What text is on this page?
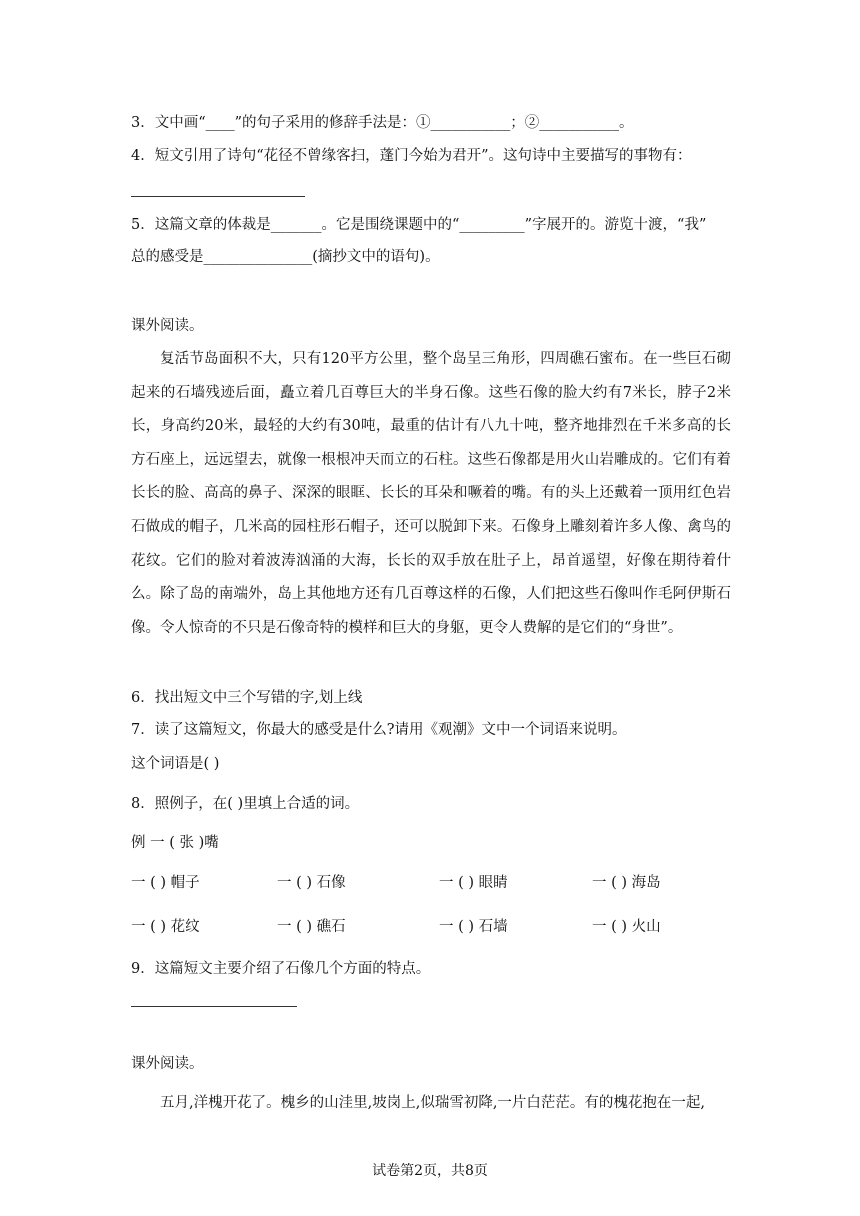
3．文中画“____”的句子采用的修辞手法是：①___________；②___________。
4．短文引用了诗句“花径不曾缘客扫，蓬门今始为君开”。这句诗中主要描写的事物有：
5．这篇文章的体裁是_______。它是围绕课题中的“_________”字展开的。游览十渡，“我”
总的感受是_______________(摘抄文中的语句)。
课外阅读。
复活节岛面积不大，只有120平方公里，整个岛呈三角形，四周礁石蜜布。在一些巨石砌起来的石墙残迹后面，矗立着几百尊巨大的半身石像。这些石像的脸大约有7米长，脖子2米长，身高约20米，最轻的大约有30吨，最重的估计有八九十吨，整齐地排烈在千米多高的长方石座上，远远望去，就像一根根冲天而立的石柱。这些石像都是用火山岩雕成的。它们有着长长的脸、高高的鼻子、深深的眼眶、长长的耳朵和噘着的嘴。有的头上还戴着一顶用红色岩石做成的帽子，几米高的园柱形石帽子，还可以脱卸下来。石像身上雕刻着许多人像、禽鸟的花纹。它们的脸对着波涛汹涌的大海，长长的双手放在肚子上，昂首遥望，好像在期待着什么。除了岛的南端外，岛上其他地方还有几百尊这样的石像，人们把这些石像叫作毛阿伊斯石像。令人惊奇的不只是石像奇特的模样和巨大的身躯，更令人费解的是它们的“身世”。
6．找出短文中三个写错的字,划上线
7．读了这篇短文，你最大的感受是什么?请用《观潮》文中一个词语来说明。
这个词语是( )
8．照例子，在( )里填上合适的词。
例 一 ( 张 )嘴
一 ( ) 帽子	一 ( ) 石像	一 ( ) 眼睛	一 ( ) 海岛
一 ( ) 花纹	一 ( ) 礁石	一 ( ) 石墙	一 ( ) 火山
9．这篇短文主要介绍了石像几个方面的特点。
课外阅读。
五月,洋槐开花了。槐乡的山洼里,坡岗上,似瑞雪初降,一片白茫茫。有的槐花抱在一起,
试卷第2页，共8页
